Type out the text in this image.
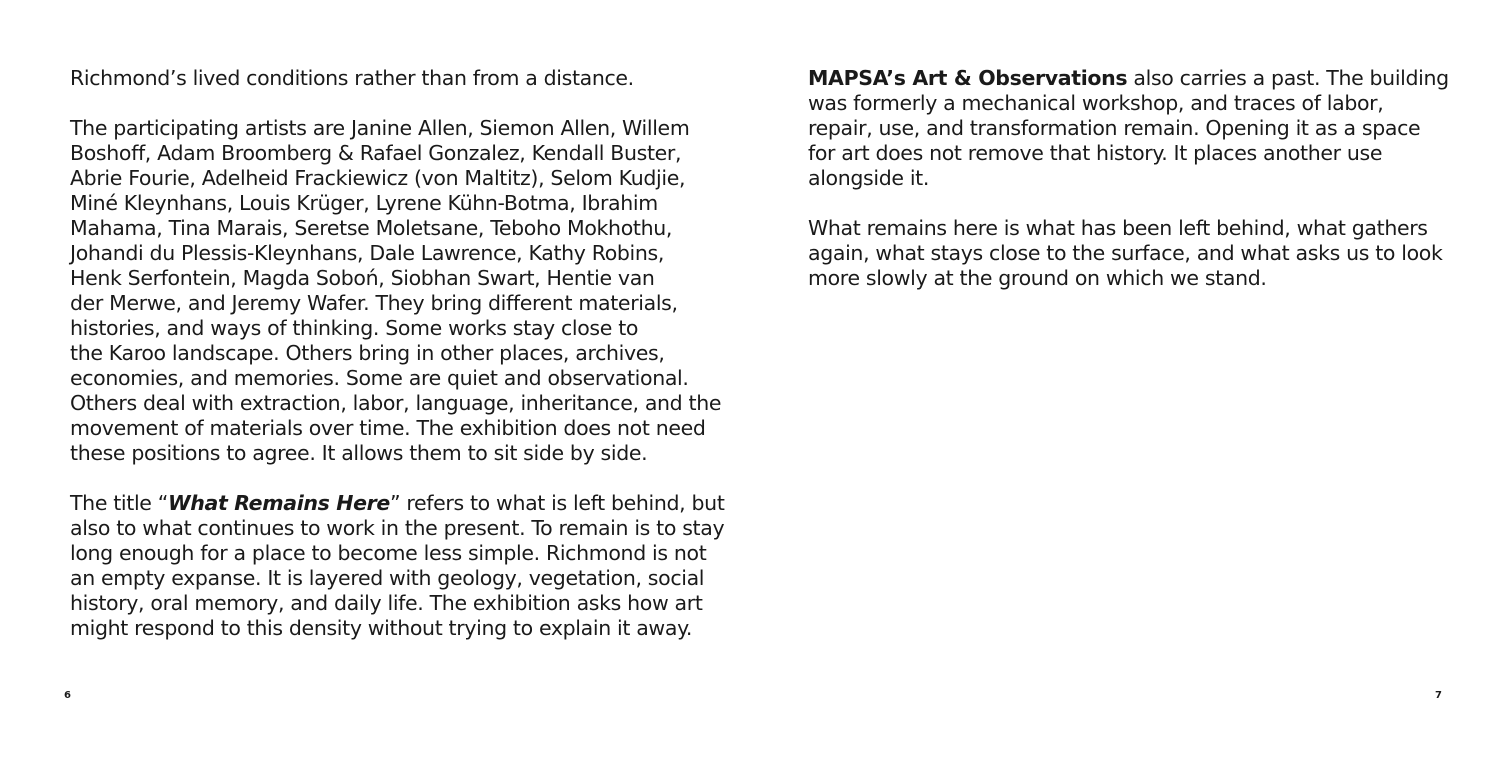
Richmond’s lived conditions rather than from a distance.

The participating artists are Janine Allen, Siemon Allen, Willem
Boshoff, Adam Broomberg & Rafael Gonzalez, Kendall Buster,
Abrie Fourie, Adelheid Frackiewicz (von Maltitz), Selom Kudjie,
Miné Kleynhans, Louis Krüger, Lyrene Kühn-Botma, Ibrahim
Mahama, Tina Marais, Seretse Moletsane, Teboho Mokhothu,
Johandi du Plessis-Kleynhans, Dale Lawrence, Kathy Robins,
Henk Serfontein, Magda Soboń, Siobhan Swart, Hentie van
der Merwe, and Jeremy Wafer. They bring different materials,
histories, and ways of thinking. Some works stay close to
the Karoo landscape. Others bring in other places, archives,
economies, and memories. Some are quiet and observational.
Others deal with extraction, labor, language, inheritance, and the
movement of materials over time. The exhibition does not need
these positions to agree. It allows them to sit side by side.

The title “What Remains Here” refers to what is left behind, but
also to what continues to work in the present. To remain is to stay
long enough for a place to become less simple. Richmond is not
an empty expanse. It is layered with geology, vegetation, social
history, oral memory, and daily life. The exhibition asks how art
might respond to this density without trying to explain it away.

6

MAPSA’s Art & Observations also carries a past. The building
was formerly a mechanical workshop, and traces of labor,
repair, use, and transformation remain. Opening it as a space
for art does not remove that history. It places another use
alongside it.

What remains here is what has been left behind, what gathers
again, what stays close to the surface, and what asks us to look
more slowly at the ground on which we stand.

7
